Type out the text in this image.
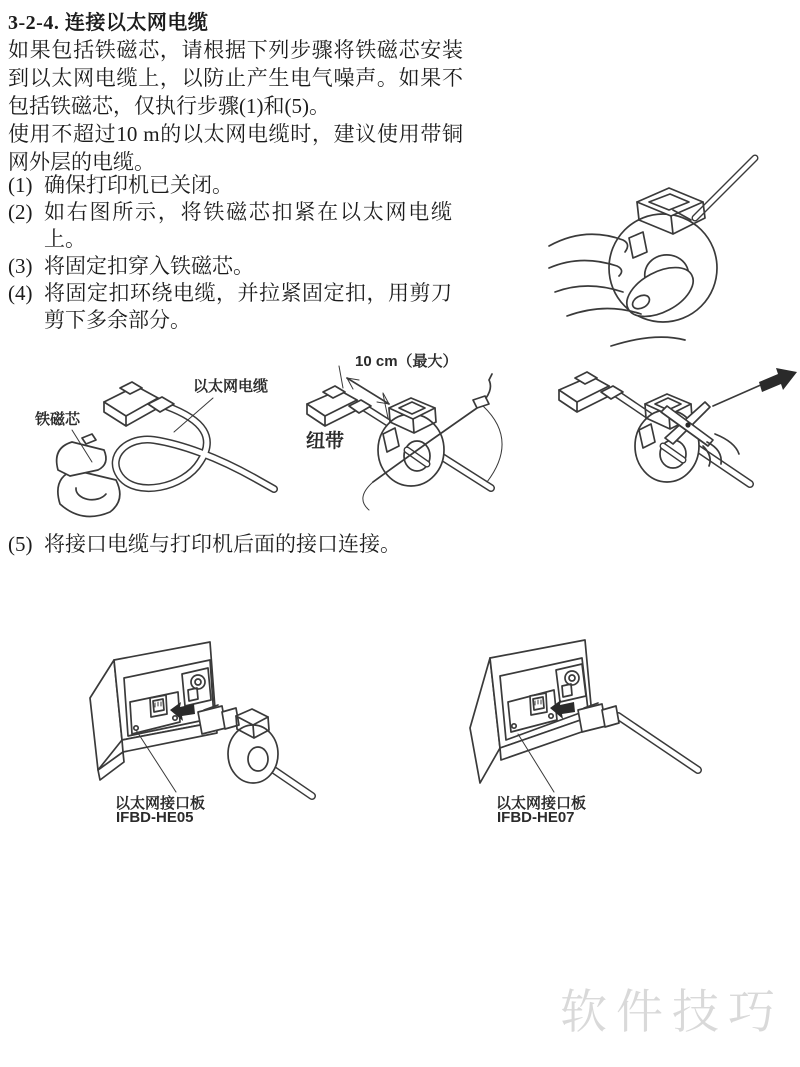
3-2-4. 连接以太网电缆
如果包括铁磁芯，请根据下列步骤将铁磁芯安装到以太网电缆上，以防止产生电气噪声。如果不包括铁磁芯，仅执行步骤(1)和(5)。
使用不超过10 m的以太网电缆时，建议使用带铜网外层的电缆。
(1) 确保打印机已关闭。
(2) 如右图所示，将铁磁芯扣紧在以太网电缆上。
(3) 将固定扣穿入铁磁芯。
(4) 将固定扣环绕电缆，并拉紧固定扣，用剪刀剪下多余部分。
以太网电缆
铁磁芯
10 cm（最大）
纽带
(5) 将接口电缆与打印机后面的接口连接。
以太网接口板
IFBD-HE05
以太网接口板
IFBD-HE07
软件技巧
